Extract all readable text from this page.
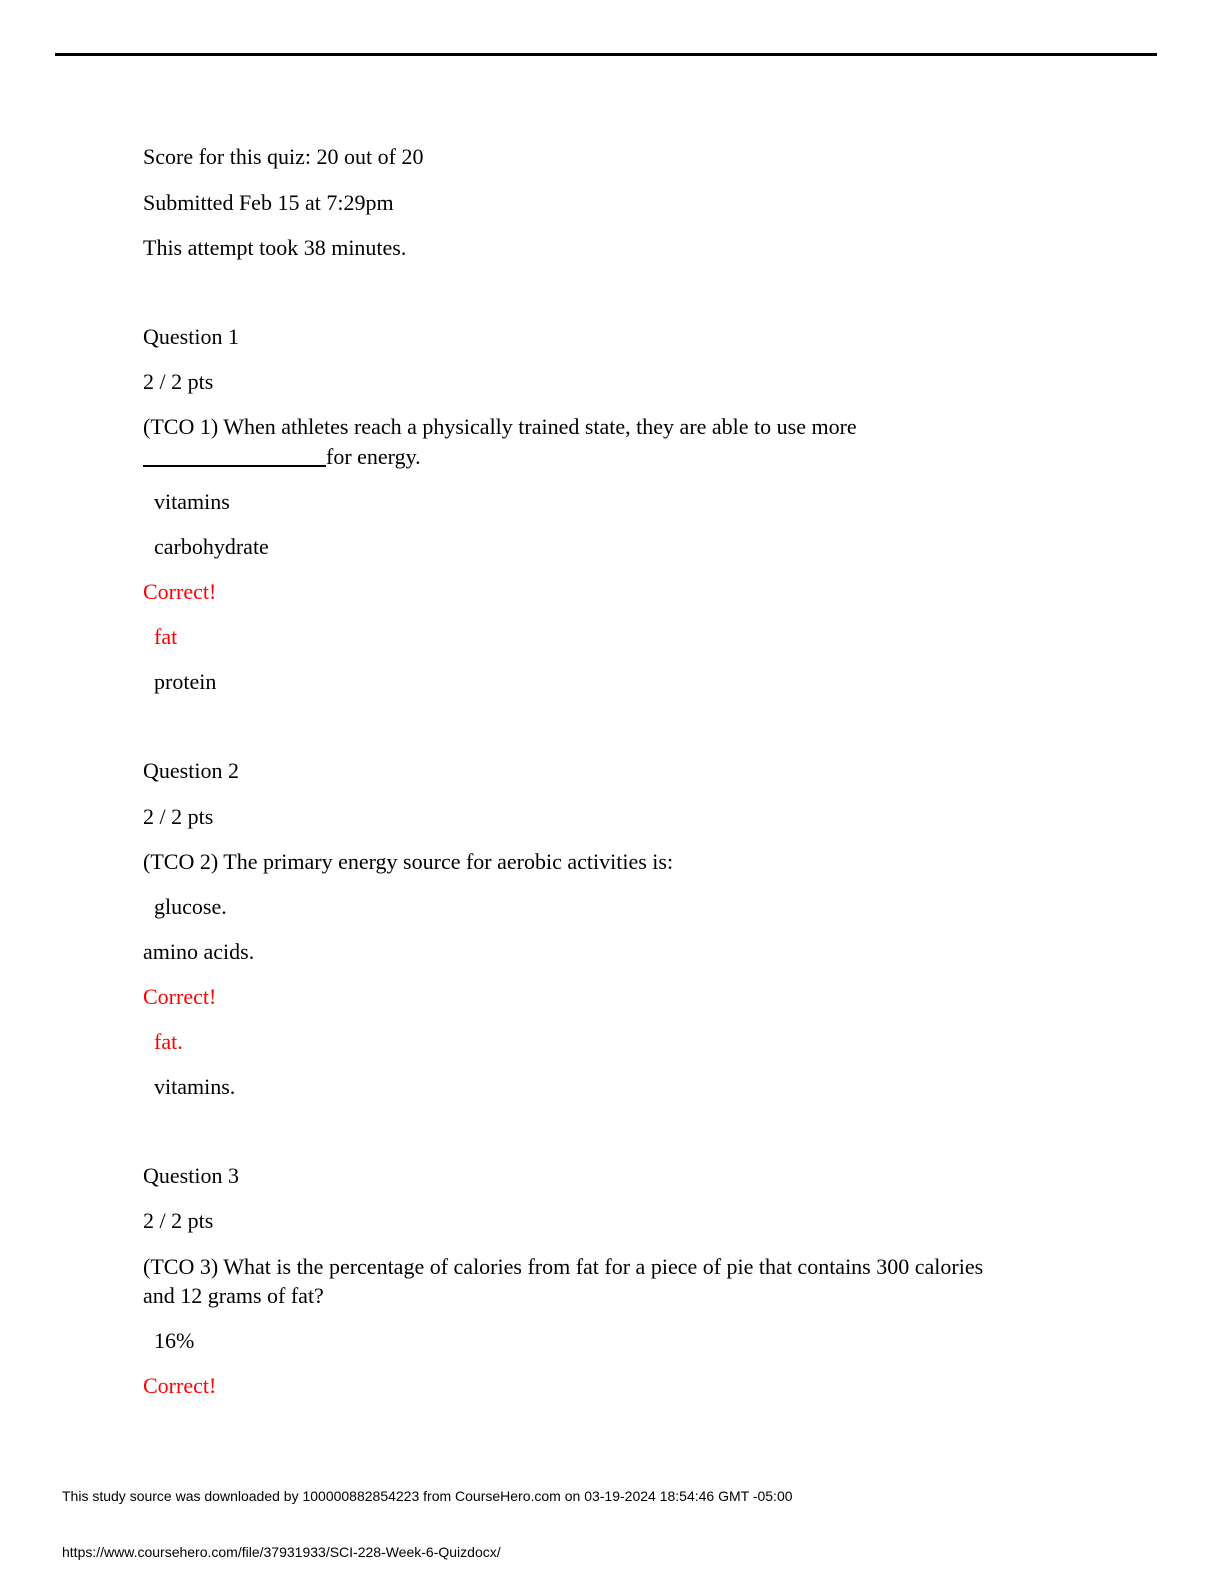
Score for this quiz: 20 out of 20
Submitted Feb 15 at 7:29pm
This attempt took 38 minutes.
Question 1
2 / 2 pts
(TCO 1) When athletes reach a physically trained state, they are able to use more
for energy.
vitamins
carbohydrate
Correct!
fat
protein
Question 2
2 / 2 pts
(TCO 2) The primary energy source for aerobic activities is:
glucose.
amino acids.
Correct!
fat.
vitamins.
Question 3
2 / 2 pts
(TCO 3) What is the percentage of calories from fat for a piece of pie that contains 300 calories
and 12 grams of fat?
16%
Correct!
This study source was downloaded by 100000882854223 from CourseHero.com on 03-19-2024 18:54:46 GMT -05:00
https://www.coursehero.com/file/37931933/SCI-228-Week-6-Quizdocx/
